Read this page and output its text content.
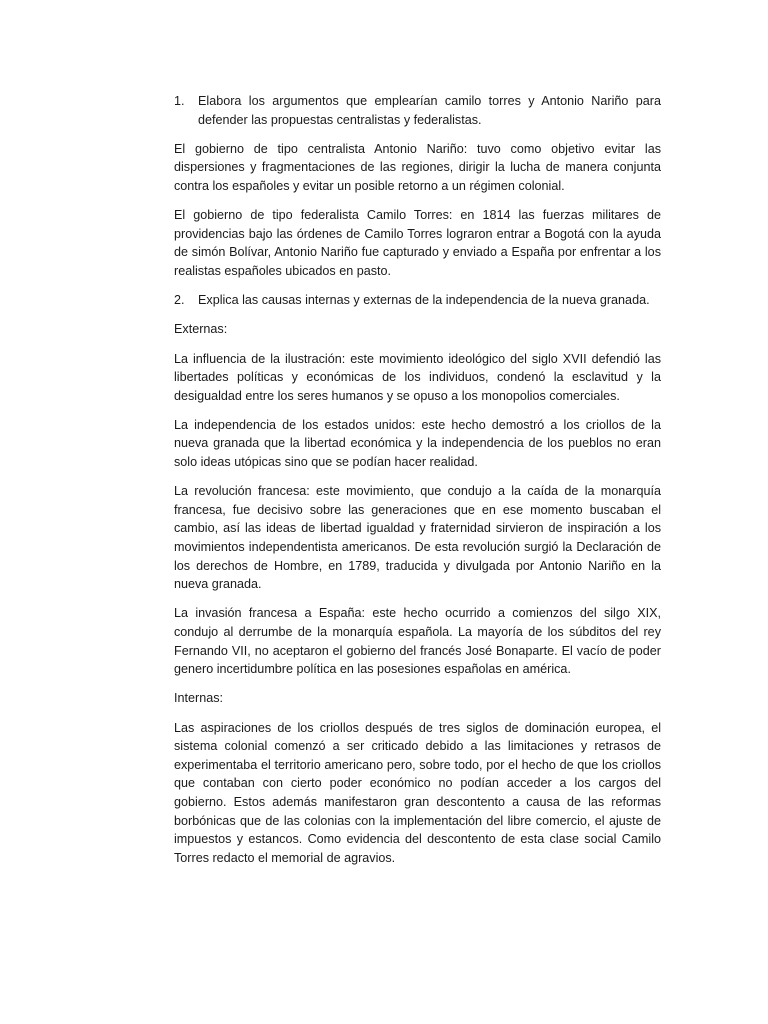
1.	Elabora los argumentos que emplearían camilo torres y Antonio Nariño para defender las propuestas centralistas y federalistas.

El gobierno de tipo centralista Antonio Nariño: tuvo como objetivo evitar las dispersiones y fragmentaciones de las regiones, dirigir la lucha de manera conjunta contra los españoles y evitar un posible retorno a un régimen colonial.

El gobierno de tipo federalista Camilo Torres: en 1814 las fuerzas militares de providencias bajo las órdenes de Camilo Torres lograron entrar a Bogotá con la ayuda de simón Bolívar, Antonio Nariño fue capturado y enviado a España por enfrentar a los realistas españoles ubicados en pasto.

2.	Explica las causas internas y externas de la independencia de la nueva granada.

Externas:

La influencia de la ilustración: este movimiento ideológico del siglo XVII defendió las libertades políticas y económicas de los individuos, condenó la esclavitud y la desigualdad entre los seres humanos y se opuso a los monopolios comerciales.

La independencia de los estados unidos: este hecho demostró a los criollos de la nueva granada que la libertad económica y la independencia de los pueblos no eran solo ideas utópicas sino que se podían hacer realidad.

La revolución francesa: este movimiento, que condujo a la caída de la monarquía francesa, fue decisivo sobre las generaciones que en ese momento buscaban el cambio, así las ideas de libertad igualdad y fraternidad sirvieron de inspiración a los movimientos independentista americanos. De esta revolución surgió la Declaración de los derechos de Hombre, en 1789, traducida y divulgada por Antonio Nariño en la nueva granada.

La invasión francesa a España: este hecho ocurrido a comienzos del silgo XIX, condujo al derrumbe de la monarquía española. La mayoría de los súbditos del rey Fernando VII, no aceptaron el gobierno del francés José Bonaparte. El vacío de poder genero incertidumbre política en las posesiones españolas en américa.

Internas:

Las aspiraciones de los criollos después de tres siglos de dominación europea, el sistema colonial comenzó a ser criticado debido a las limitaciones y retrasos de experimentaba el territorio americano pero, sobre todo, por el hecho de que los criollos que contaban con cierto poder económico no podían acceder a los cargos del gobierno. Estos además manifestaron gran descontento a causa de las reformas borbónicas que de las colonias con la implementación del libre comercio, el ajuste de impuestos y estancos. Como evidencia del descontento de esta clase social Camilo Torres redacto el memorial de agravios.
